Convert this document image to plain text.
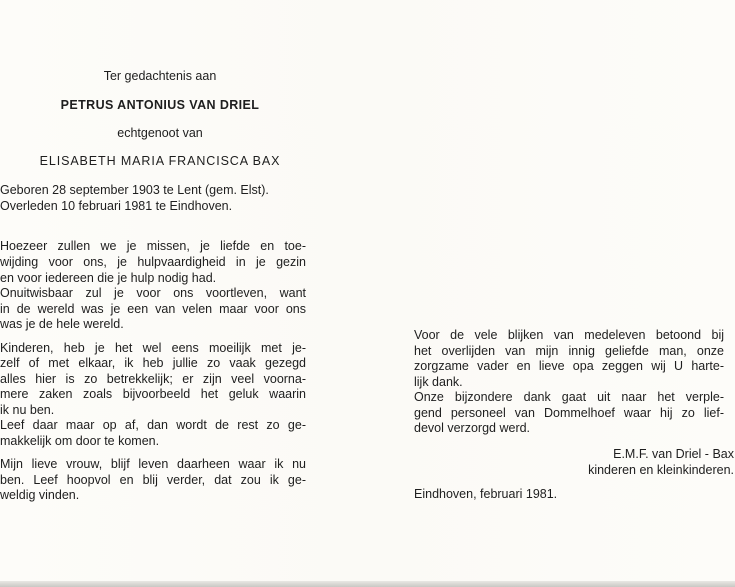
Ter gedachtenis aan
PETRUS ANTONIUS VAN DRIEL
echtgenoot van
ELISABETH MARIA FRANCISCA BAX
Geboren 28 september 1903 te Lent (gem. Elst).
Overleden 10 februari 1981 te Eindhoven.
Hoezeer zullen we je missen, je liefde en toe-
wijding voor ons, je hulpvaardigheid in je gezin
en voor iedereen die je hulp nodig had.
Onuitwisbaar zul je voor ons voortleven, want
in de wereld was je een van velen maar voor ons
was je de hele wereld.
Kinderen, heb je het wel eens moeilijk met je-
zelf of met elkaar, ik heb jullie zo vaak gezegd
alles hier is zo betrekkelijk; er zijn veel voorna-
mere zaken zoals bijvoorbeeld het geluk waarin
ik nu ben.
Leef daar maar op af, dan wordt de rest zo ge-
makkelijk om door te komen.
Mijn lieve vrouw, blijf leven daarheen waar ik nu
ben. Leef hoopvol en blij verder, dat zou ik ge-
weldig vinden.
Voor de vele blijken van medeleven betoond bij
het overlijden van mijn innig geliefde man, onze
zorgzame vader en lieve opa zeggen wij U harte-
lijk dank.
Onze bijzondere dank gaat uit naar het verple-
gend personeel van Dommelhoef waar hij zo lief-
devol verzorgd werd.
E.M.F. van Driel - Bax
kinderen en kleinkinderen.
Eindhoven, februari 1981.
